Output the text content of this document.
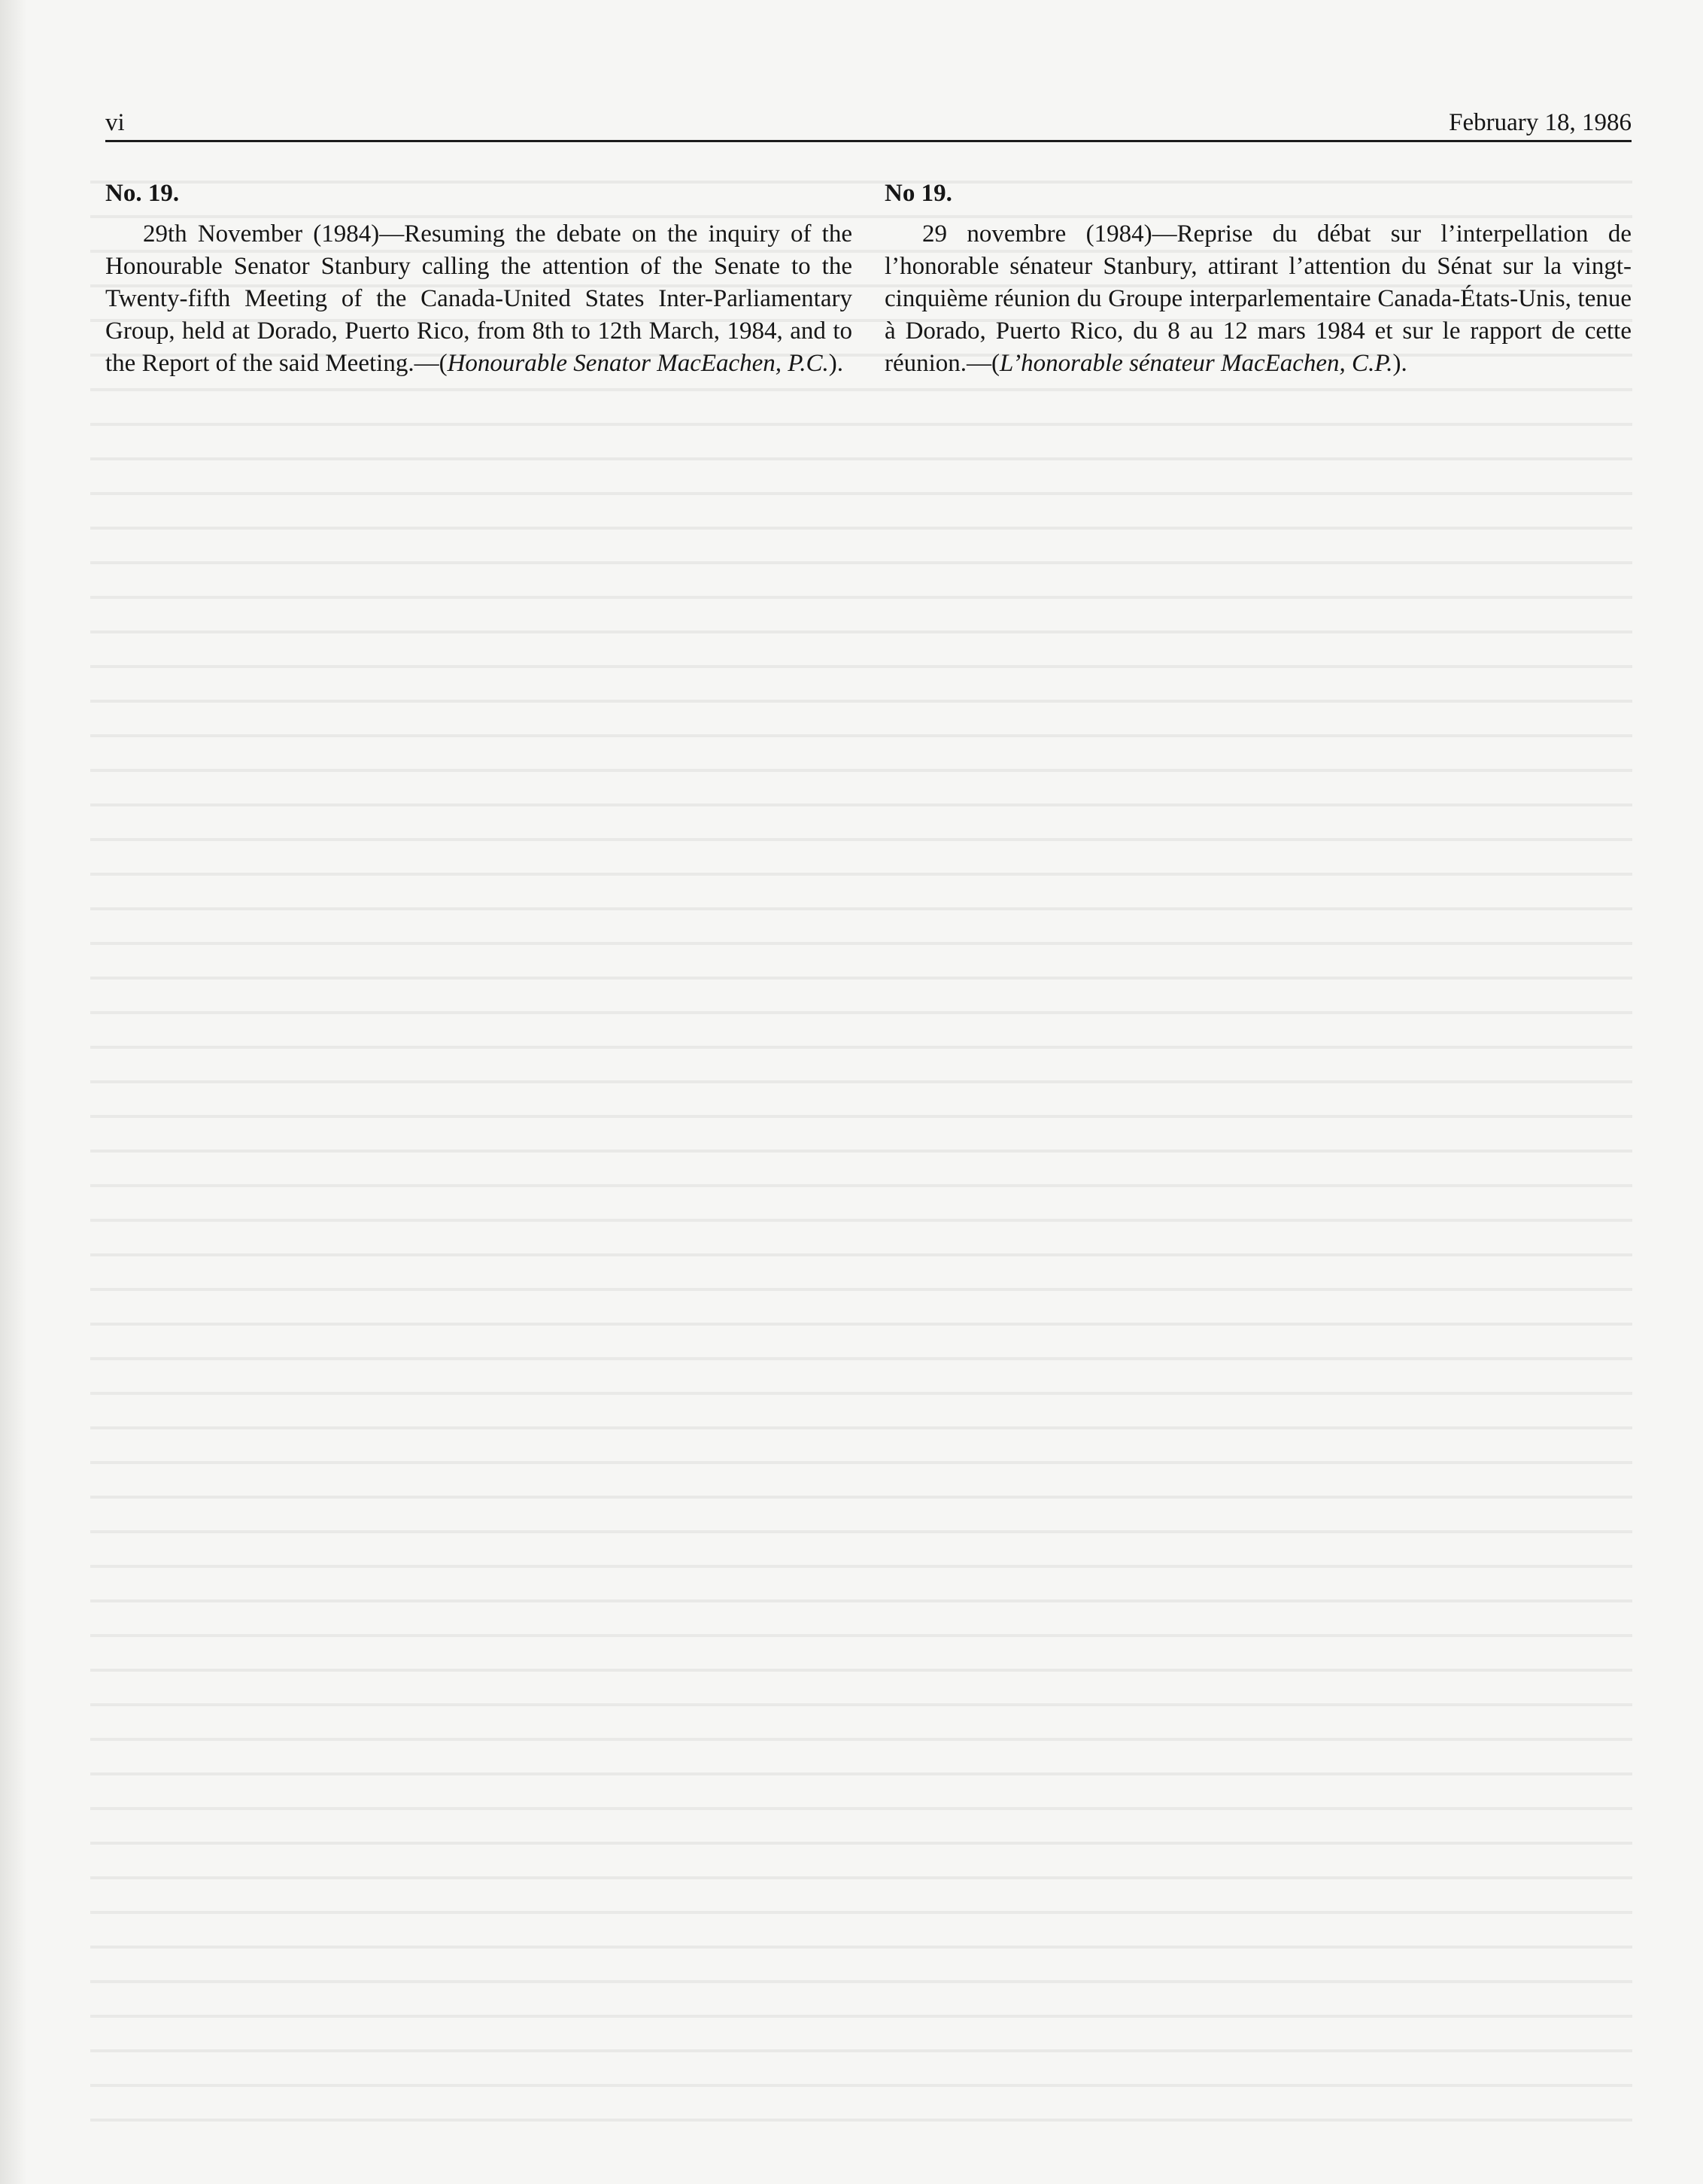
vi	February 18, 1986

No. 19.

29th November (1984)—Resuming the debate on the inquiry of the Honourable Senator Stanbury calling the attention of the Senate to the Twenty-fifth Meeting of the Canada-United States Inter-Parliamentary Group, held at Dorado, Puerto Rico, from 8th to 12th March, 1984, and to the Report of the said Meeting.—(Honourable Senator MacEachen, P.C.).

No 19.

29 novembre (1984)—Reprise du débat sur l’interpellation de l’honorable sénateur Stanbury, attirant l’attention du Sénat sur la vingt-cinquième réunion du Groupe interparlementaire Canada-États-Unis, tenue à Dorado, Puerto Rico, du 8 au 12 mars 1984 et sur le rapport de cette réunion.—(L’honorable sénateur MacEachen, C.P.).
